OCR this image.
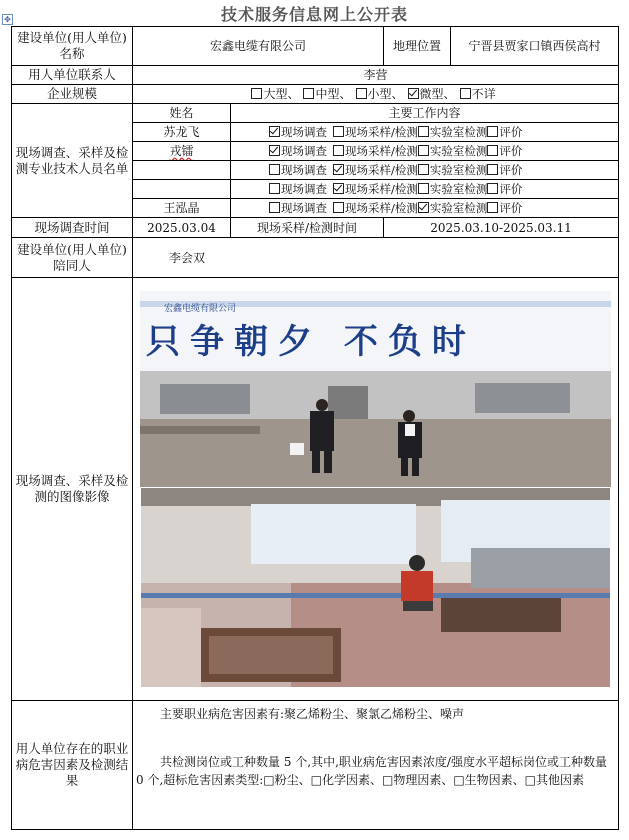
技术服务信息网上公开表
✥
建设单位(用人单位)名称	宏鑫电缆有限公司		地理位置	宁晋县贾家口镇西侯高村
用人单位联系人	李营			
企业规模	大型、 中型、 小型、 微型、 不详			
现场调查、采样及检测专业技术人员名单	姓名	主要工作内容		
	苏龙飞	现场调查 现场采样/检测 实验室检测 评价		
	戎镭	现场调查 现场采样/检测 实验室检测 评价		
		现场调查 现场采样/检测 实验室检测 评价		
		现场调查 现场采样/检测 实验室检测 评价		
	王泓晶	现场调查 现场采样/检测 实验室检测 评价		
现场调查时间	2025.03.04	现场采样/检测时间	2025.03.10-2025.03.11	
建设单位(用人单位)陪同人	李会双			
现场调查、采样及检测的图像影像	宏鑫电缆有限公司
只争朝夕 不负时			

用人单位存在的职业病危害因素及检测结果	主要职业病危害因素有:聚乙烯粉尘、聚氯乙烯粉尘、噪声

共检测岗位或工种数量 5 个,其中,职业病危害因素浓度/强度水平超标岗位或工种数量 0 个,超标危害因素类型:□粉尘、□化学因素、□物理因素、□生物因素、□其他因素			
